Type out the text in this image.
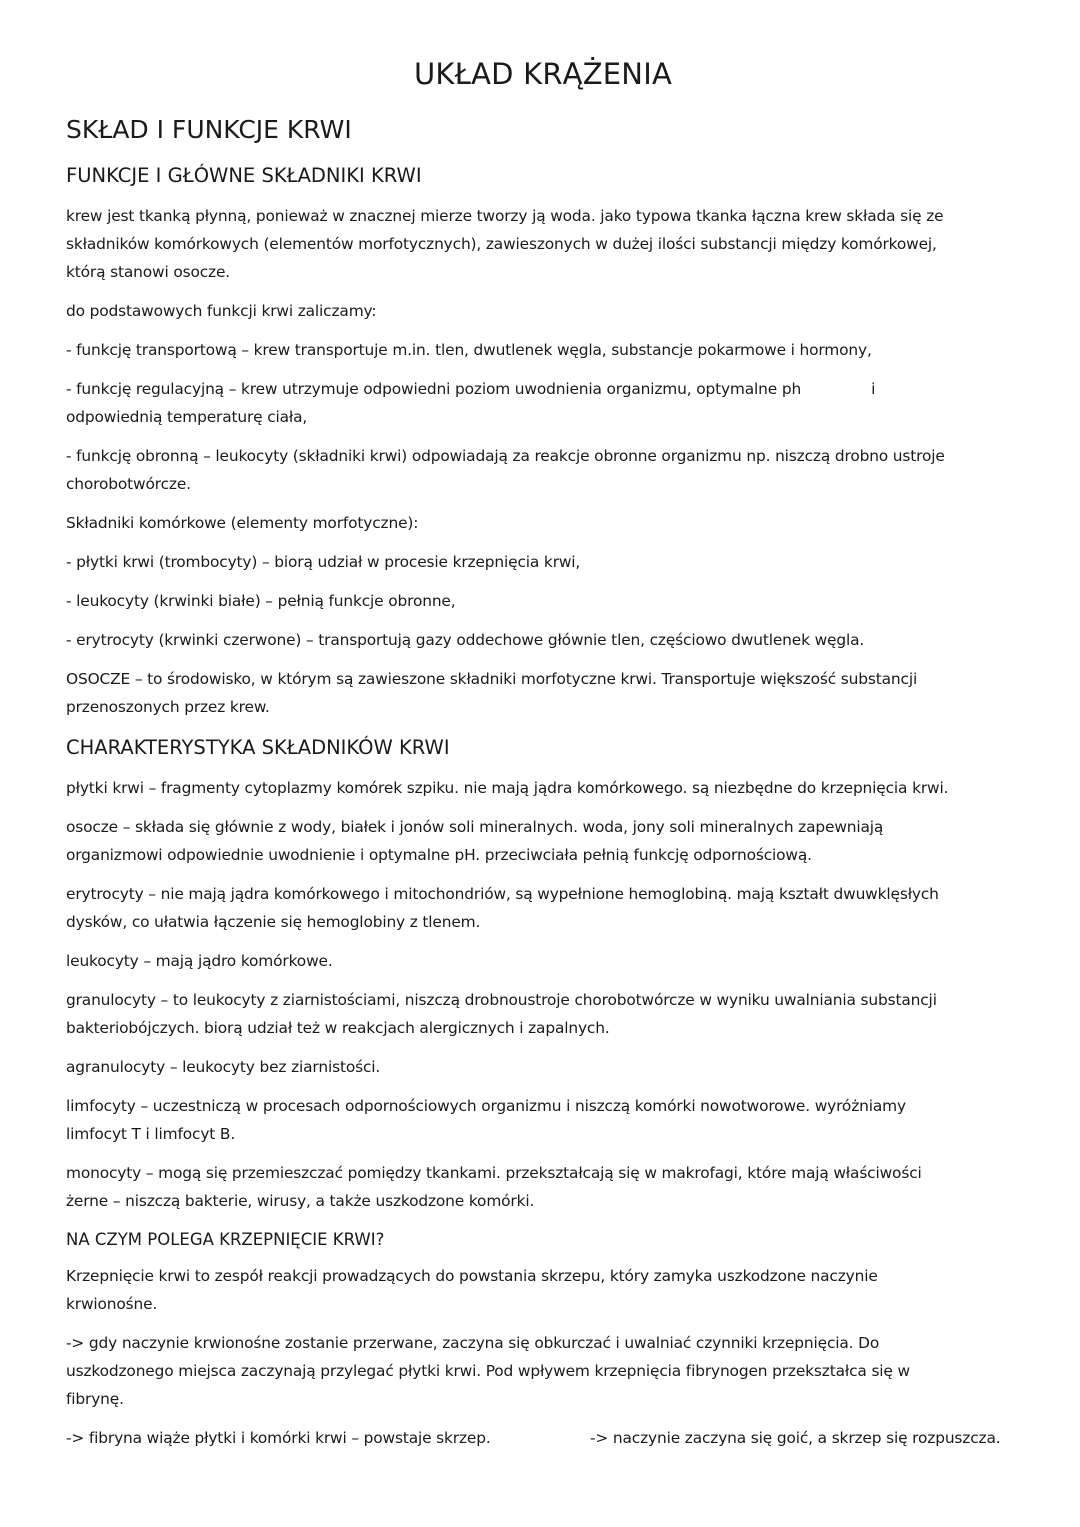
UKŁAD KRĄŻENIA
SKŁAD I FUNKCJE KRWI
FUNKCJE I GŁÓWNE SKŁADNIKI KRWI

krew jest tkanką płynną, ponieważ w znacznej mierze tworzy ją woda. jako typowa tkanka łączna krew składa się ze
składników komórkowych (elementów morfotycznych), zawieszonych w dużej ilości substancji między komórkowej,
którą stanowi osocze.

do podstawowych funkcji krwi zaliczamy:

- funkcję transportową – krew transportuje m.in. tlen, dwutlenek węgla, substancje pokarmowe i hormony,

- funkcję regulacyjną – krew utrzymuje odpowiedni poziom uwodnienia organizmu, optymalne ph	i
odpowiednią temperaturę ciała,

- funkcję obronną – leukocyty (składniki krwi) odpowiadają za reakcje obronne organizmu np. niszczą drobno ustroje
chorobotwórcze.

Składniki komórkowe (elementy morfotyczne):

- płytki krwi (trombocyty) – biorą udział w procesie krzepnięcia krwi,

- leukocyty (krwinki białe) – pełnią funkcje obronne,

- erytrocyty (krwinki czerwone) – transportują gazy oddechowe głównie tlen, częściowo dwutlenek węgla.

OSOCZE – to środowisko, w którym są zawieszone składniki morfotyczne krwi. Transportuje większość substancji
przenoszonych przez krew.

CHARAKTERYSTYKA SKŁADNIKÓW KRWI

płytki krwi – fragmenty cytoplazmy komórek szpiku. nie mają jądra komórkowego. są niezbędne do krzepnięcia krwi.

osocze – składa się głównie z wody, białek i jonów soli mineralnych. woda, jony soli mineralnych zapewniają
organizmowi odpowiednie uwodnienie i optymalne pH. przeciwciała pełnią funkcję odpornościową.

erytrocyty – nie mają jądra komórkowego i mitochondriów, są wypełnione hemoglobiną. mają kształt dwuwklęsłych
dysków, co ułatwia łączenie się hemoglobiny z tlenem.

leukocyty – mają jądro komórkowe.

granulocyty – to leukocyty z ziarnistościami, niszczą drobnoustroje chorobotwórcze w wyniku uwalniania substancji
bakteriobójczych. biorą udział też w reakcjach alergicznych i zapalnych.

agranulocyty – leukocyty bez ziarnistości.

limfocyty – uczestniczą w procesach odpornościowych organizmu i niszczą komórki nowotworowe. wyróżniamy
limfocyt T i limfocyt B.

monocyty – mogą się przemieszczać pomiędzy tkankami. przekształcają się w makrofagi, które mają właściwości
żerne – niszczą bakterie, wirusy, a także uszkodzone komórki.

NA CZYM POLEGA KRZEPNIĘCIE KRWI?

Krzepnięcie krwi to zespół reakcji prowadzących do powstania skrzepu, który zamyka uszkodzone naczynie
krwionośne.

-> gdy naczynie krwionośne zostanie przerwane, zaczyna się obkurczać i uwalniać czynniki krzepnięcia. Do
uszkodzonego miejsca zaczynają przylegać płytki krwi. Pod wpływem krzepnięcia fibrynogen przekształca się w
fibrynę.

-> fibryna wiąże płytki i komórki krwi – powstaje skrzep.	-> naczynie zaczyna się goić, a skrzep się rozpuszcza.
